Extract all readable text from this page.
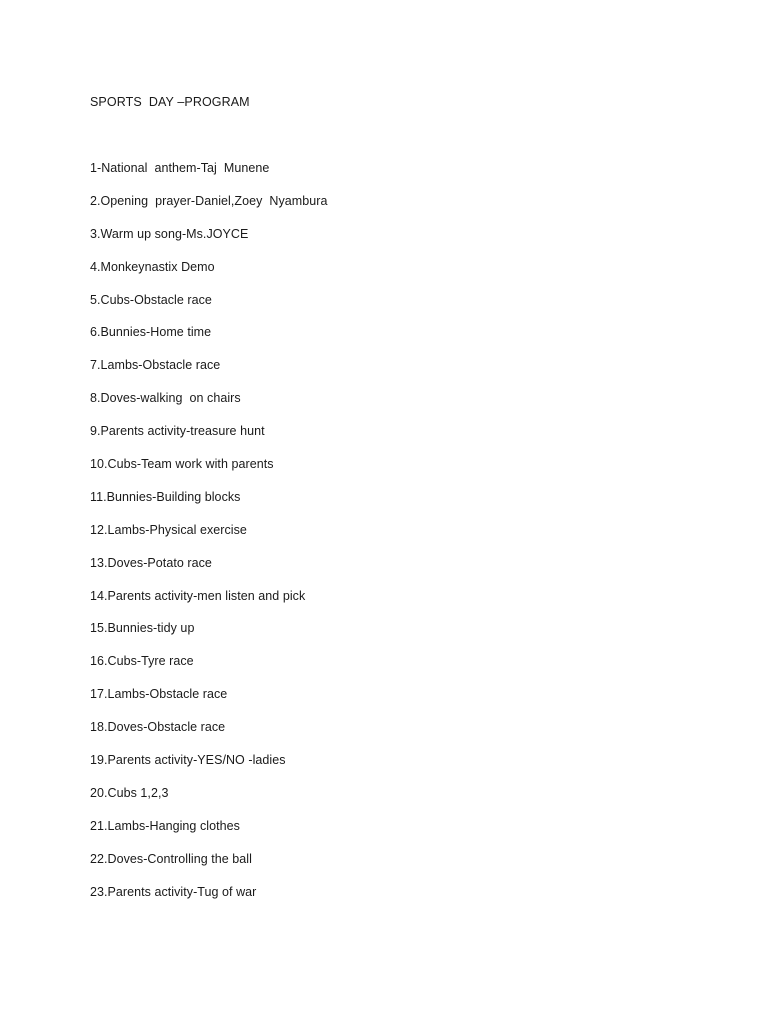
SPORTS  DAY –PROGRAM
1-National  anthem-Taj  Munene
2.Opening  prayer-Daniel,Zoey  Nyambura
3.Warm up song-Ms.JOYCE
4.Monkeynastix Demo
5.Cubs-Obstacle race
6.Bunnies-Home time
7.Lambs-Obstacle race
8.Doves-walking  on chairs
9.Parents activity-treasure hunt
10.Cubs-Team work with parents
11.Bunnies-Building blocks
12.Lambs-Physical exercise
13.Doves-Potato race
14.Parents activity-men listen and pick
15.Bunnies-tidy up
16.Cubs-Tyre race
17.Lambs-Obstacle race
18.Doves-Obstacle race
19.Parents activity-YES/NO -ladies
20.Cubs 1,2,3
21.Lambs-Hanging clothes
22.Doves-Controlling the ball
23.Parents activity-Tug of war
